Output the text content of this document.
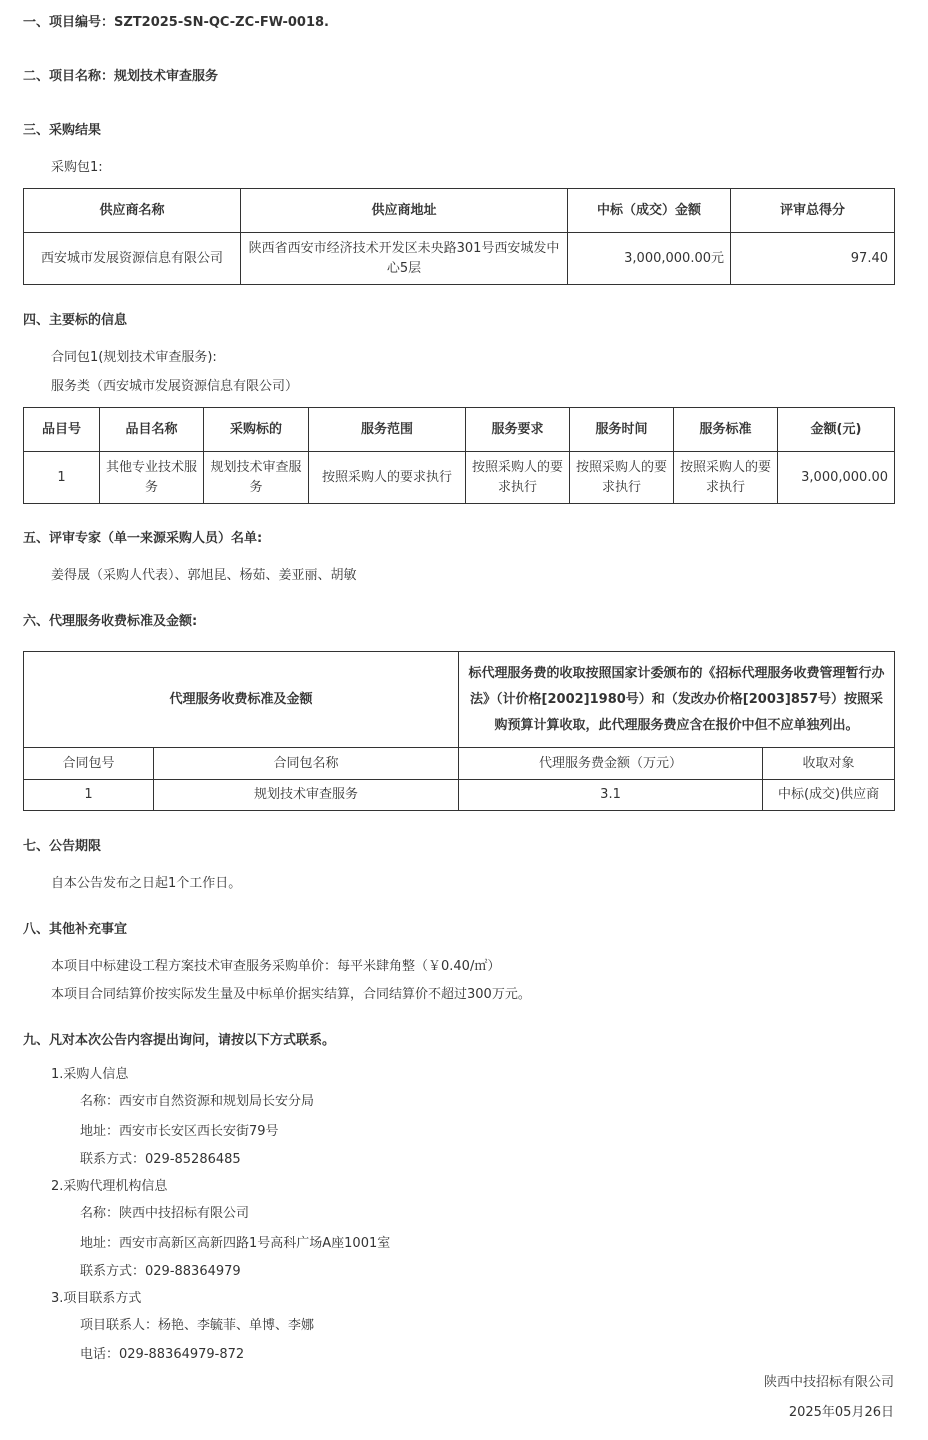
一、项目编号：SZT2025-SN-QC-ZC-FW-0018.
二、项目名称：规划技术审查服务
三、采购结果
采购包1:
供应商名称	供应商地址	中标（成交）金额	评审总得分
西安城市发展资源信息有限公司	陕西省西安市经济技术开发区未央路301号西安城发中心5层	3,000,000.00元	97.40
四、主要标的信息
合同包1(规划技术审查服务):
服务类（西安城市发展资源信息有限公司）
品目号	品目名称	采购标的	服务范围	服务要求	服务时间	服务标准	金额(元)
1	其他专业技术服务	规划技术审查服务	按照采购人的要求执行	按照采购人的要求执行	按照采购人的要求执行	按照采购人的要求执行	3,000,000.00
五、评审专家（单一来源采购人员）名单:
姜得晟（采购人代表）、郭旭昆、杨茹、姜亚丽、胡敏
六、代理服务收费标准及金额:
代理服务收费标准及金额		标代理服务费的收取按照国家计委颁布的《招标代理服务收费管理暂行办法》（计价格[2002]1980号）和（发改办价格[2003]857号）按照采购预算计算收取，此代理服务费应含在报价中但不应单独列出。	
合同包号	合同包名称	代理服务费金额（万元）	收取对象
1	规划技术审查服务	3.1	中标(成交)供应商
七、公告期限
自本公告发布之日起1个工作日。
八、其他补充事宜
本项目中标建设工程方案技术审查服务采购单价：每平米肆角整（￥0.40/㎡）
本项目合同结算价按实际发生量及中标单价据实结算，合同结算价不超过300万元。
九、凡对本次公告内容提出询问，请按以下方式联系。
1.采购人信息
名称：西安市自然资源和规划局长安分局
地址：西安市长安区西长安街79号
联系方式：029-85286485
2.采购代理机构信息
名称：陕西中技招标有限公司
地址：西安市高新区高新四路1号高科广场A座1001室
联系方式：029-88364979
3.项目联系方式
项目联系人：杨艳、李毓菲、单博、李娜
电话：029-88364979-872
陕西中技招标有限公司
2025年05月26日
